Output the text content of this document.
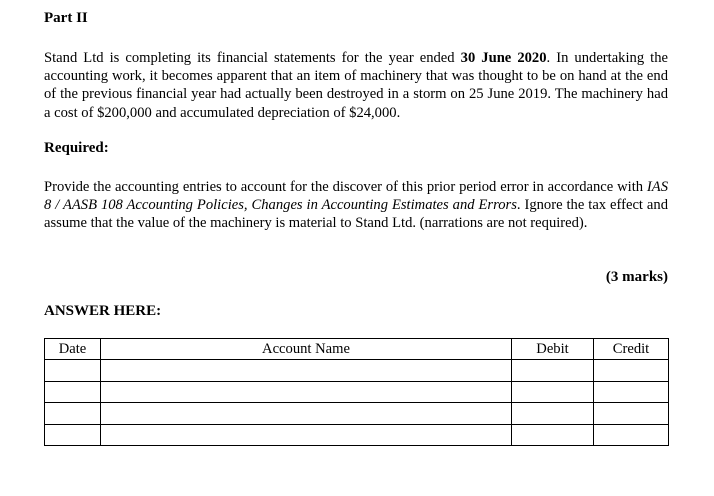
Part II

Stand Ltd is completing its financial statements for the year ended 30 June 2020. In undertaking the accounting work, it becomes apparent that an item of machinery that was thought to be on hand at the end of the previous financial year had actually been destroyed in a storm on 25 June 2019. The machinery had a cost of $200,000 and accumulated depreciation of $24,000.

Required:

Provide the accounting entries to account for the discover of this prior period error in accordance with IAS 8 / AASB 108 Accounting Policies, Changes in Accounting Estimates and Errors. Ignore the tax effect and assume that the value of the machinery is material to Stand Ltd. (narrations are not required).

(3 marks)

ANSWER HERE:

Date	Account Name	Debit	Credit
